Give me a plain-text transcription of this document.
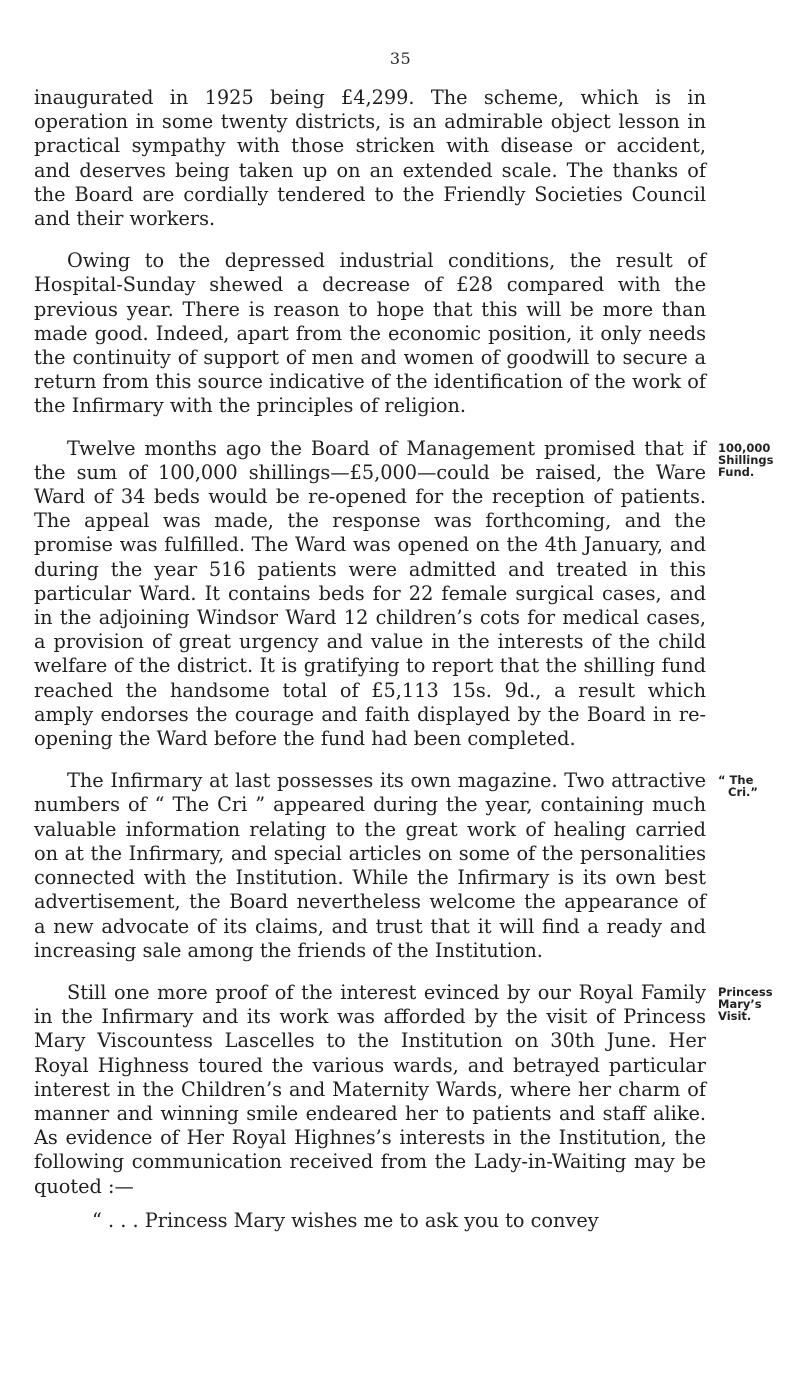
35

inaugurated in 1925 being £4,299. The scheme, which is in operation in some twenty districts, is an admirable object lesson in practical sympathy with those stricken with disease or accident, and deserves being taken up on an extended scale. The thanks of the Board are cordially tendered to the Friendly Societies Council and their workers.

Owing to the depressed industrial conditions, the result of Hospital-Sunday shewed a decrease of £28 compared with the previous year. There is reason to hope that this will be more than made good. Indeed, apart from the economic position, it only needs the continuity of support of men and women of goodwill to secure a return from this source indicative of the identification of the work of the Infirmary with the principles of religion.

Twelve months ago the Board of Management promised that if the sum of 100,000 shillings—£5,000—could be raised, the Ware Ward of 34 beds would be re-opened for the reception of patients. The appeal was made, the response was forthcoming, and the promise was fulfilled. The Ward was opened on the 4th January, and during the year 516 patients were admitted and treated in this particular Ward. It contains beds for 22 female surgical cases, and in the adjoining Windsor Ward 12 children’s cots for medical cases, a provision of great urgency and value in the interests of the child welfare of the district. It is gratifying to report that the shilling fund reached the handsome total of £5,113 15s. 9d., a result which amply endorses the courage and faith displayed by the Board in re-opening the Ward before the fund had been completed.

The Infirmary at last possesses its own magazine. Two attractive numbers of “ The Cri ” appeared during the year, containing much valuable information relating to the great work of healing carried on at the Infirmary, and special articles on some of the personalities connected with the Institution. While the Infirmary is its own best advertisement, the Board nevertheless welcome the appearance of a new advocate of its claims, and trust that it will find a ready and increasing sale among the friends of the Institution.

Still one more proof of the interest evinced by our Royal Family in the Infirmary and its work was afforded by the visit of Princess Mary Viscountess Lascelles to the Institution on 30th June. Her Royal Highness toured the various wards, and betrayed particular interest in the Children’s and Maternity Wards, where her charm of manner and winning smile endeared her to patients and staff alike. As evidence of Her Royal Highnes’s interests in the Institution, the following communication received from the Lady-in-Waiting may be quoted :—

“ . . . Princess Mary wishes me to ask you to convey

100,000
Shillings
Fund.
“ The
Cri.”
Princess
Mary’s
Visit.
